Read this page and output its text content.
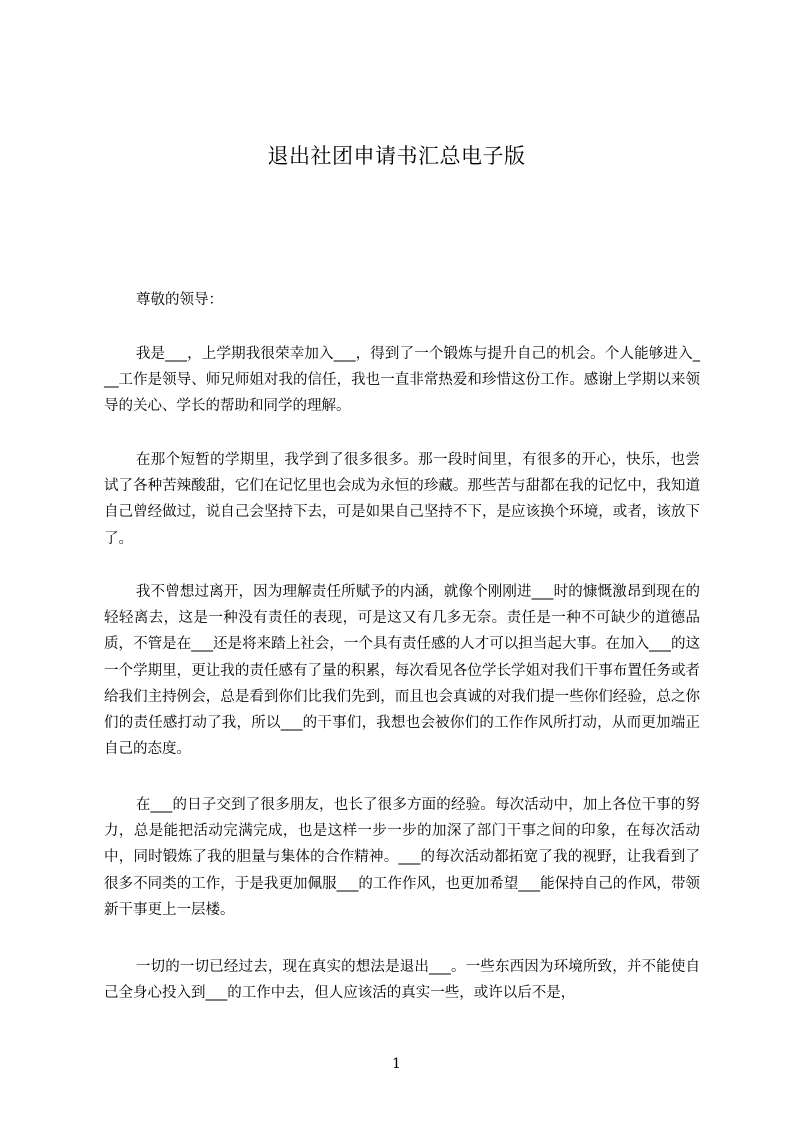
退出社团申请书汇总电子版

尊敬的领导：

我是___，上学期我很荣幸加入___，得到了一个锻炼与提升自己的机会。个人能够进入___工作是领导、师兄师姐对我的信任，我也一直非常热爱和珍惜这份工作。感谢上学期以来领导的关心、学长的帮助和同学的理解。

在那个短暂的学期里，我学到了很多很多。那一段时间里，有很多的开心，快乐，也尝试了各种苦辣酸甜，它们在记忆里也会成为永恒的珍藏。那些苦与甜都在我的记忆中，我知道自己曾经做过，说自己会坚持下去，可是如果自己坚持不下，是应该换个环境，或者，该放下了。

我不曾想过离开，因为理解责任所赋予的内涵，就像个刚刚进___时的慷慨激昂到现在的轻轻离去，这是一种没有责任的表现，可是这又有几多无奈。责任是一种不可缺少的道德品质，不管是在___还是将来踏上社会，一个具有责任感的人才可以担当起大事。在加入___的这一个学期里，更让我的责任感有了量的积累，每次看见各位学长学姐对我们干事布置任务或者给我们主持例会，总是看到你们比我们先到，而且也会真诚的对我们提一些你们经验，总之你们的责任感打动了我，所以___的干事们，我想也会被你们的工作作风所打动，从而更加端正自己的态度。

在___的日子交到了很多朋友，也长了很多方面的经验。每次活动中，加上各位干事的努力，总是能把活动完满完成，也是这样一步一步的加深了部门干事之间的印象，在每次活动中，同时锻炼了我的胆量与集体的合作精神。___的每次活动都拓宽了我的视野，让我看到了很多不同类的工作，于是我更加佩服___的工作作风，也更加希望___能保持自己的作风，带领新干事更上一层楼。

一切的一切已经过去，现在真实的想法是退出___。一些东西因为环境所致，并不能使自己全身心投入到___的工作中去，但人应该活的真实一些，或许以后不是，

1
